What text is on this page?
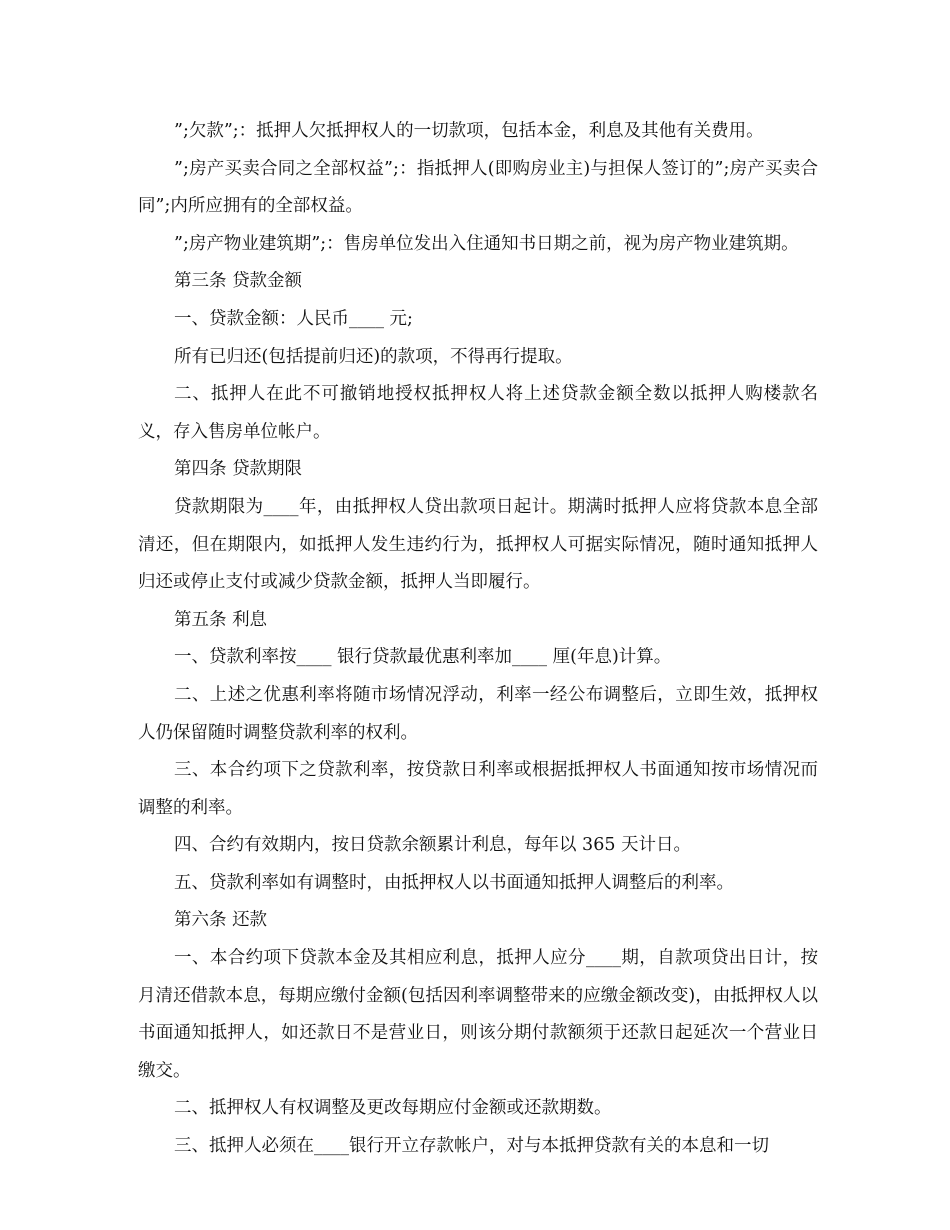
”;欠款”;：抵押人欠抵押权人的一切款项，包括本金，利息及其他有关费用。

”;房产买卖合同之全部权益”;：指抵押人(即购房业主)与担保人签订的”;房产买卖合同”;内所应拥有的全部权益。

”;房产物业建筑期”;：售房单位发出入住通知书日期之前，视为房产物业建筑期。

第三条 贷款金额

一、贷款金额：人民币____ 元;

所有已归还(包括提前归还)的款项，不得再行提取。

二、抵押人在此不可撤销地授权抵押权人将上述贷款金额全数以抵押人购楼款名义，存入售房单位帐户。

第四条 贷款期限

贷款期限为____年，由抵押权人贷出款项日起计。期满时抵押人应将贷款本息全部清还，但在期限内，如抵押人发生违约行为，抵押权人可据实际情况，随时通知抵押人归还或停止支付或减少贷款金额，抵押人当即履行。

第五条 利息

一、贷款利率按____ 银行贷款最优惠利率加____ 厘(年息)计算。

二、上述之优惠利率将随市场情况浮动，利率一经公布调整后，立即生效，抵押权人仍保留随时调整贷款利率的权利。

三、本合约项下之贷款利率，按贷款日利率或根据抵押权人书面通知按市场情况而调整的利率。

四、合约有效期内，按日贷款余额累计利息，每年以 365 天计日。

五、贷款利率如有调整时，由抵押权人以书面通知抵押人调整后的利率。

第六条 还款

一、本合约项下贷款本金及其相应利息，抵押人应分____期，自款项贷出日计，按月清还借款本息，每期应缴付金额(包括因利率调整带来的应缴金额改变)，由抵押权人以书面通知抵押人，如还款日不是营业日，则该分期付款额须于还款日起延次一个营业日缴交。

二、抵押权人有权调整及更改每期应付金额或还款期数。

三、抵押人必须在____银行开立存款帐户，对与本抵押贷款有关的本息和一切
